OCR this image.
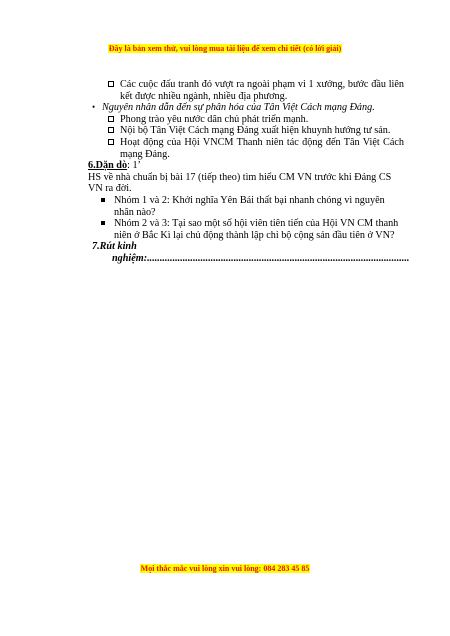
Đây là bản xem thử, vui lòng mua tài liệu để xem chi tiết (có lời giải)
Các cuộc đấu tranh đó vượt ra ngoài phạm vi 1 xưởng, bước đầu liên kết được nhiều ngành, nhiều địa phương.
• Nguyên nhân dẫn đến sự phân hóa của Tân Việt Cách mạng Đảng.
Phong trào yêu nước dân chủ phát triển mạnh.
Nội bộ Tân Việt Cách mạng Đảng xuất hiện khuynh hướng tư sản.
Hoạt động của Hội VNCM Thanh niên tác động đến Tân Việt Cách mạng Đảng.
6.Dặn dò: 1’
HS về nhà chuẩn bị bài 17 (tiếp theo) tìm hiểu CM VN trước khi Đảng CS VN ra đời.
Nhóm 1 và 2: Khởi nghĩa Yên Bái thất bại nhanh chóng vì nguyên nhân nào?
Nhóm 2 và 3: Tại sao một số hội viên tiên tiến của Hội VN CM thanh niên ở Bắc Kì lại chủ động thành lập chi bộ cộng sản đầu tiên ở VN?
7.Rút kinh
nghiệm:.......................................................................................................
Mọi thắc mắc vui lòng xin vui lòng: 084 283 45 85
